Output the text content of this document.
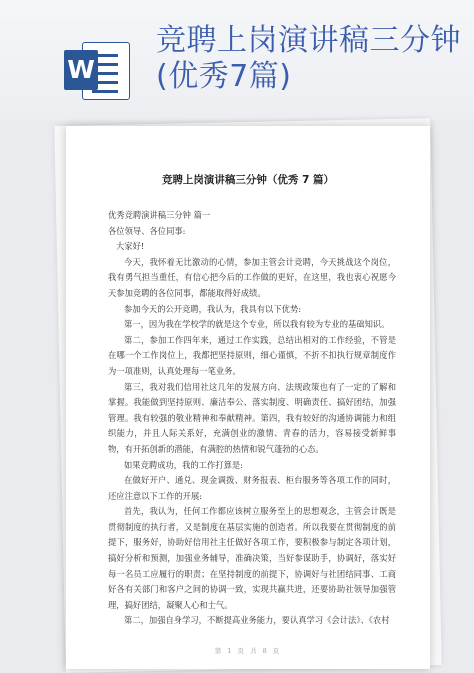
W
竞聘上岗演讲稿三分钟(优秀7篇)
竞聘上岗演讲稿三分钟（优秀 7 篇）

优秀竞聘演讲稿三分钟 篇一

各位领导、各位同事:

大家好!

今天，我怀着无比激动的心情，参加主管会计竞聘，今天挑战这个岗位，我有勇气担当重任，有信心把今后的工作做的更好，在这里，我也衷心祝愿今天参加竞聘的各位同事，都能取得好成绩。

参加今天的公开竞聘，我认为，我具有以下优势:

第一，因为我在学校学的就是这个专业，所以我有较为专业的基础知识。

第二，参加工作四年来，通过工作实践，总结出相对的工作经验，不管是在哪一个工作岗位上，我都把坚持原则，细心谨慎，不折不扣执行规章制度作为一项准则，认真处理每一笔业务。

第三，我对我们信用社这几年的发展方向、法规政策也有了一定的了解和掌握。我能做到坚持原则、廉洁奉公、落实制度、明确责任、搞好团结，加强管理。我有较强的敬业精神和奉献精神。第四，我有较好的沟通协调能力和组织能力，并且人际关系好，充满创业的激情、青春的活力，容易接受新鲜事物，有开拓创新的潜能，有满腔的热情和锐气蓬勃的心态。

如果竞聘成功，我的工作打算是:

在做好开户、通兑、现金调拨、财务报表、柜台服务等各项工作的同时，还应注意以下工作的开展:

首先，我认为，任何工作都应该树立服务至上的思想观念，主管会计既是贯彻制度的执行者，又是制度在基层实施的创造者。所以我要在贯彻制度的前提下，服务好，协助好信用社主任做好各项工作，要积极参与制定各项计划，搞好分析和预测，加强业务辅导，准确决策，当好参谋助手，协调好，落实好每一名员工应履行的职责；在坚持制度的前提下，协调好与社团结同事、工商好各有关部门和客户之间的协调一致，实现共赢共进，还要协助社领导加强管理，搞好团结，凝聚人心和士气。

第二，加强自身学习，不断提高业务能力，要认真学习《会计法》、《农村

第 1 页 共 8 页
